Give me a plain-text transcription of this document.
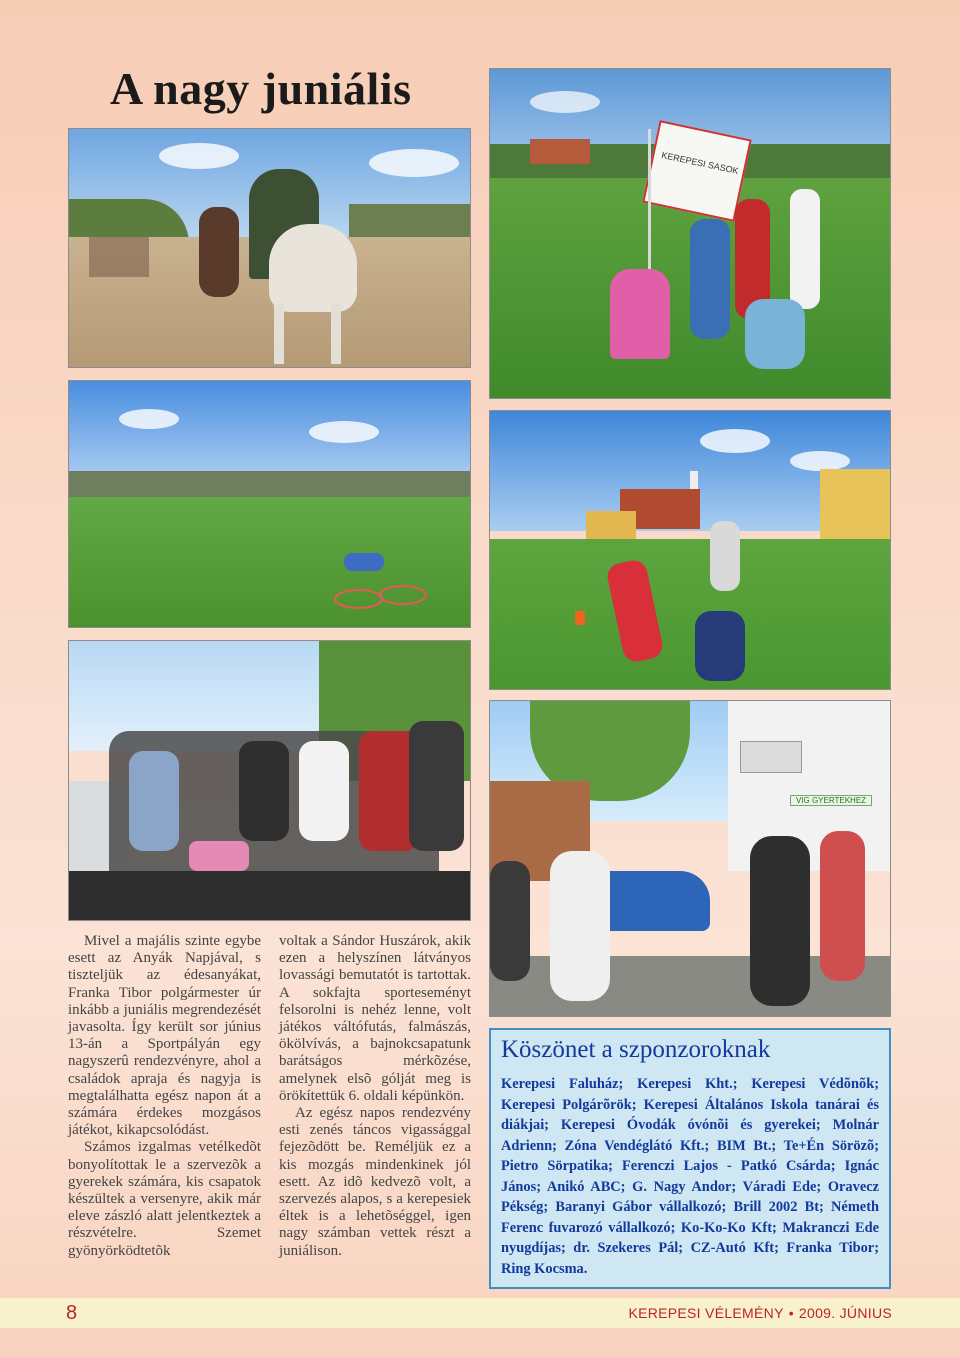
A nagy juniális
KEREPESI SASOK
VIG GYERTEKHEZ

Mivel a majális szinte egybe esett az Anyák Napjával, s tiszteljük az édesanyákat, Franka Tibor polgármester úr inkább a juniális megrendezését javasolta. Így került sor június 13-án a Sportpályán egy nagyszerû rendezvényre, ahol a családok apraja és nagyja is megtalálhatta egész napon át a számára érdekes mozgásos játékot, kikapcsolódást.

Számos izgalmas vetélkedõt bonyolítottak le a szervezõk a gyerekek számára, kis csapatok készültek a versenyre, akik már eleve zászló alatt jelentkeztek a részvételre. Szemet gyönyörködtetõk

voltak a Sándor Huszárok, akik ezen a helyszínen látványos lovassági bemutatót is tartottak. A sokfajta sporteseményt felsorolni is nehéz lenne, volt játékos váltófutás, falmászás, ökölvívás, a bajnokcsapatunk barátságos mérkõzése, amelynek elsõ gólját meg is örökítettük 6. oldali képünkön.

Az egész napos rendezvény esti zenés táncos vigassággal fejezõdött be. Reméljük ez a kis mozgás mindenkinek jól esett. Az idõ kedvezõ volt, a szervezés alapos, s a kerepesiek éltek is a lehetõséggel, igen nagy számban vettek részt a juniálison.

Köszönet a szponzoroknak

Kerepesi Faluház; Kerepesi Kht.; Kerepesi Védõnõk; Kerepesi Polgárõrök; Kerepesi Általános Iskola tanárai és diákjai; Kerepesi Óvodák óvónõi és gyerekei; Molnár Adrienn; Zóna Vendéglátó Kft.; BIM Bt.; Te+Én Sörözõ; Pietro Sörpatika; Ferenczi Lajos - Patkó Csárda; Ignác János; Anikó ABC; G. Nagy Andor; Váradi Ede; Oravecz Pékség; Baranyi Gábor vállalkozó; Brill 2002 Bt; Németh Ferenc fuvarozó vállalkozó; Ko-Ko-Ko Kft; Makranczi Ede nyugdíjas; dr. Szekeres Pál; CZ-Autó Kft; Franka Tibor; Ring Kocsma.

8	KEREPESI VÉLEMÉNY • 2009. JÚNIUS
